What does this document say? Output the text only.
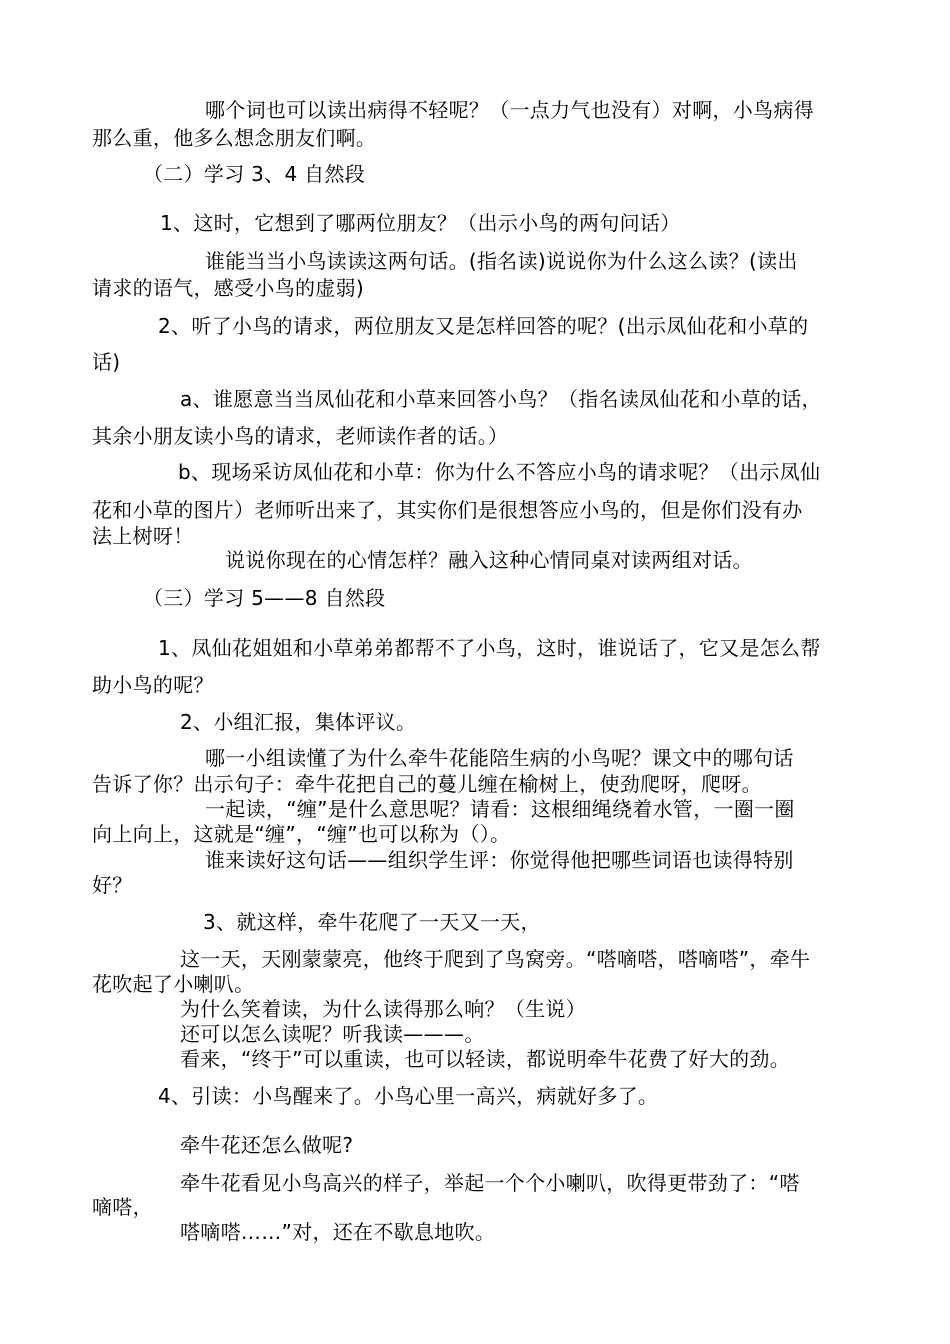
哪个词也可以读出病得不轻呢？（一点力气也没有）对啊，小鸟病得

那么重，他多么想念朋友们啊。

（二）学习 3、4 自然段

1、这时，它想到了哪两位朋友？（出示小鸟的两句问话）

谁能当当小鸟读读这两句话。(指名读)说说你为什么这么读？(读出

请求的语气，感受小鸟的虚弱)

2、听了小鸟的请求，两位朋友又是怎样回答的呢？(出示凤仙花和小草的

话)

a、谁愿意当当凤仙花和小草来回答小鸟？（指名读凤仙花和小草的话，

其余小朋友读小鸟的请求，老师读作者的话。）

b、现场采访凤仙花和小草：你为什么不答应小鸟的请求呢？（出示凤仙

花和小草的图片）老师听出来了，其实你们是很想答应小鸟的，但是你们没有办

法上树呀！

说说你现在的心情怎样？融入这种心情同桌对读两组对话。

（三）学习 5——8 自然段

1、凤仙花姐姐和小草弟弟都帮不了小鸟，这时，谁说话了，它又是怎么帮

助小鸟的呢？

2、小组汇报，集体评议。

哪一小组读懂了为什么牵牛花能陪生病的小鸟呢？课文中的哪句话

告诉了你？出示句子：牵牛花把自己的蔓儿缠在榆树上，使劲爬呀，爬呀。

一起读，“缠”是什么意思呢？请看：这根细绳绕着水管，一圈一圈

向上向上，这就是“缠”，“缠”也可以称为（）。

谁来读好这句话——组织学生评：你觉得他把哪些词语也读得特别

好？

3、就这样，牵牛花爬了一天又一天，

这一天，天刚蒙蒙亮，他终于爬到了鸟窝旁。“嗒嘀嗒，嗒嘀嗒”，牵牛

花吹起了小喇叭。

为什么笑着读，为什么读得那么响？（生说）

还可以怎么读呢？听我读———。

看来，“终于”可以重读，也可以轻读，都说明牵牛花费了好大的劲。

4、引读：小鸟醒来了。小鸟心里一高兴，病就好多了。

牵牛花还怎么做呢?

牵牛花看见小鸟高兴的样子，举起一个个小喇叭，吹得更带劲了：“嗒

嘀嗒，

嗒嘀嗒……”对，还在不歇息地吹。
